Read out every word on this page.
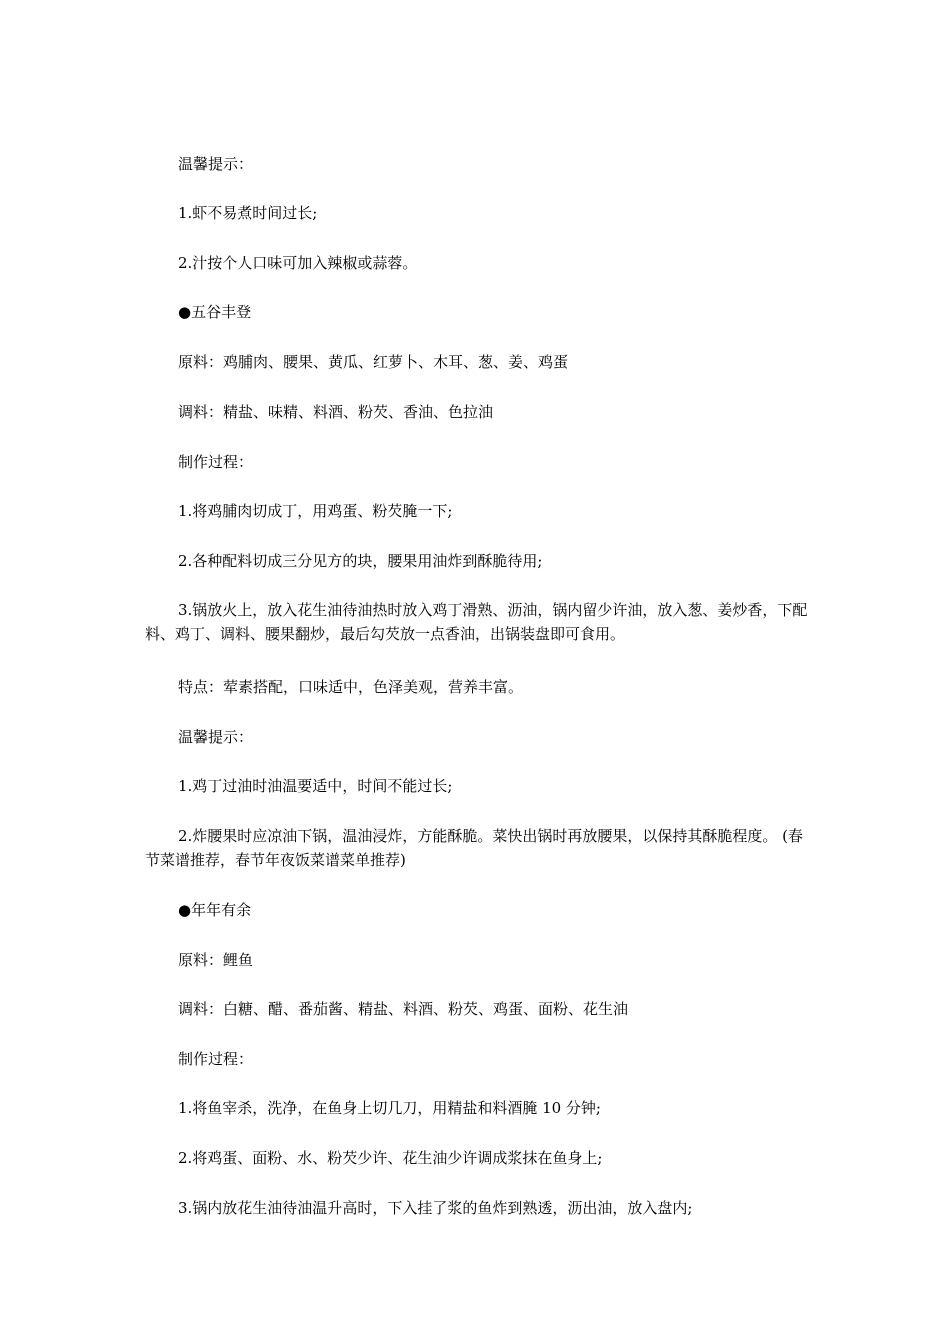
温馨提示：

1.虾不易煮时间过长;

2.汁按个人口味可加入辣椒或蒜蓉。

●五谷丰登

原料：鸡脯肉、腰果、黄瓜、红萝卜、木耳、葱、姜、鸡蛋

调料：精盐、味精、料酒、粉芡、香油、色拉油

制作过程：

1.将鸡脯肉切成丁，用鸡蛋、粉芡腌一下;

2.各种配料切成三分见方的块，腰果用油炸到酥脆待用;

3.锅放火上，放入花生油待油热时放入鸡丁滑熟、沥油，锅内留少许油，放入葱、姜炒香，下配料、鸡丁、调料、腰果翻炒，最后勾芡放一点香油，出锅装盘即可食用。

特点：荤素搭配，口味适中，色泽美观，营养丰富。

温馨提示：

1.鸡丁过油时油温要适中，时间不能过长;

2.炸腰果时应凉油下锅，温油浸炸，方能酥脆。菜快出锅时再放腰果，以保持其酥脆程度。 (春节菜谱推荐，春节年夜饭菜谱菜单推荐)

●年年有余

原料：鲤鱼

调料：白糖、醋、番茄酱、精盐、料酒、粉芡、鸡蛋、面粉、花生油

制作过程：

1.将鱼宰杀，洗净，在鱼身上切几刀，用精盐和料酒腌 10 分钟;

2.将鸡蛋、面粉、水、粉芡少许、花生油少许调成浆抹在鱼身上;

3.锅内放花生油待油温升高时，下入挂了浆的鱼炸到熟透，沥出油，放入盘内;
